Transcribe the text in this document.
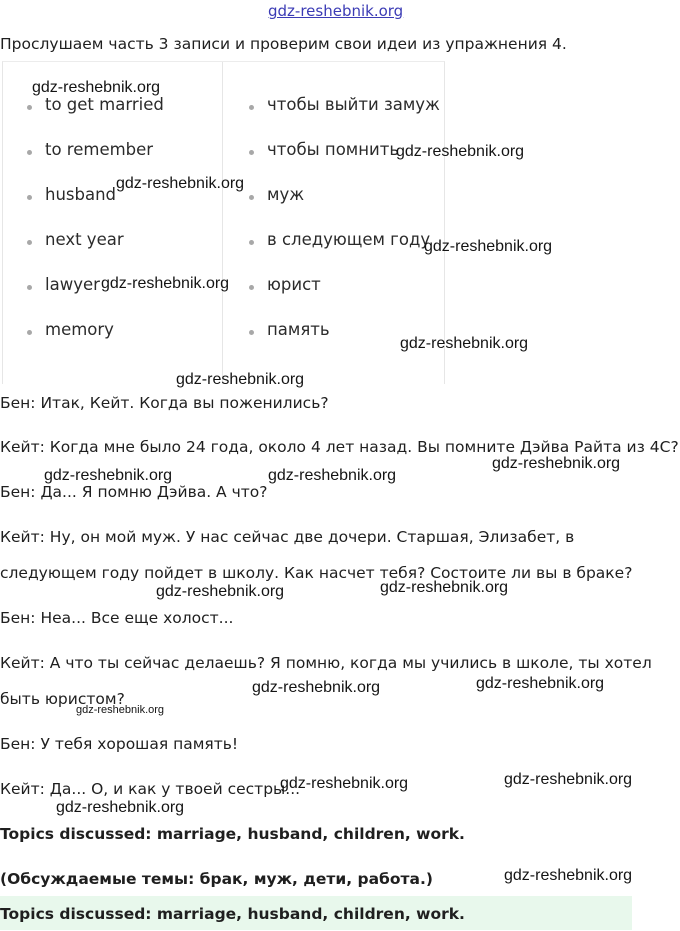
gdz-reshebnik.org
Прослушаем часть 3 записи и проверим свои идеи из упражнения 4.
to get married	чтобы выйти замуж
to remember	чтобы помнить
husband	муж
next year	в следующем году
lawyer	юрист
memory	память
Бен: Итак, Кейт. Когда вы поженились?
Кейт: Когда мне было 24 года, около 4 лет назад. Вы помните Дэйва Райта из 4C?
Бен: Да... Я помню Дэйва. А что?
Кейт: Ну, он мой муж. У нас сейчас две дочери. Старшая, Элизабет, в
следующем году пойдет в школу. Как насчет тебя? Состоите ли вы в браке?
Бен: Неа... Все еще холост...
Кейт: А что ты сейчас делаешь? Я помню, когда мы учились в школе, ты хотел
быть юристом?
Бен: У тебя хорошая память!
Кейт: Да... О, и как у твоей сестры...
Topics discussed: marriage, husband, children, work.
(Обсуждаемые темы: брак, муж, дети, работа.)
Topics discussed: marriage, husband, children, work.
gdz-reshebnik.org
gdz-reshebnik.org
gdz-reshebnik.org
gdz-reshebnik.org
gdz-reshebnik.org
gdz-reshebnik.org
gdz-reshebnik.org
gdz-reshebnik.org
gdz-reshebnik.org	gdz-reshebnik.org
gdz-reshebnik.org
gdz-reshebnik.org
gdz-reshebnik.org
gdz-reshebnik.org
gdz-reshebnik.org
gdz-reshebnik.org	gdz-reshebnik.org
gdz-reshebnik.org
gdz-reshebnik.org
